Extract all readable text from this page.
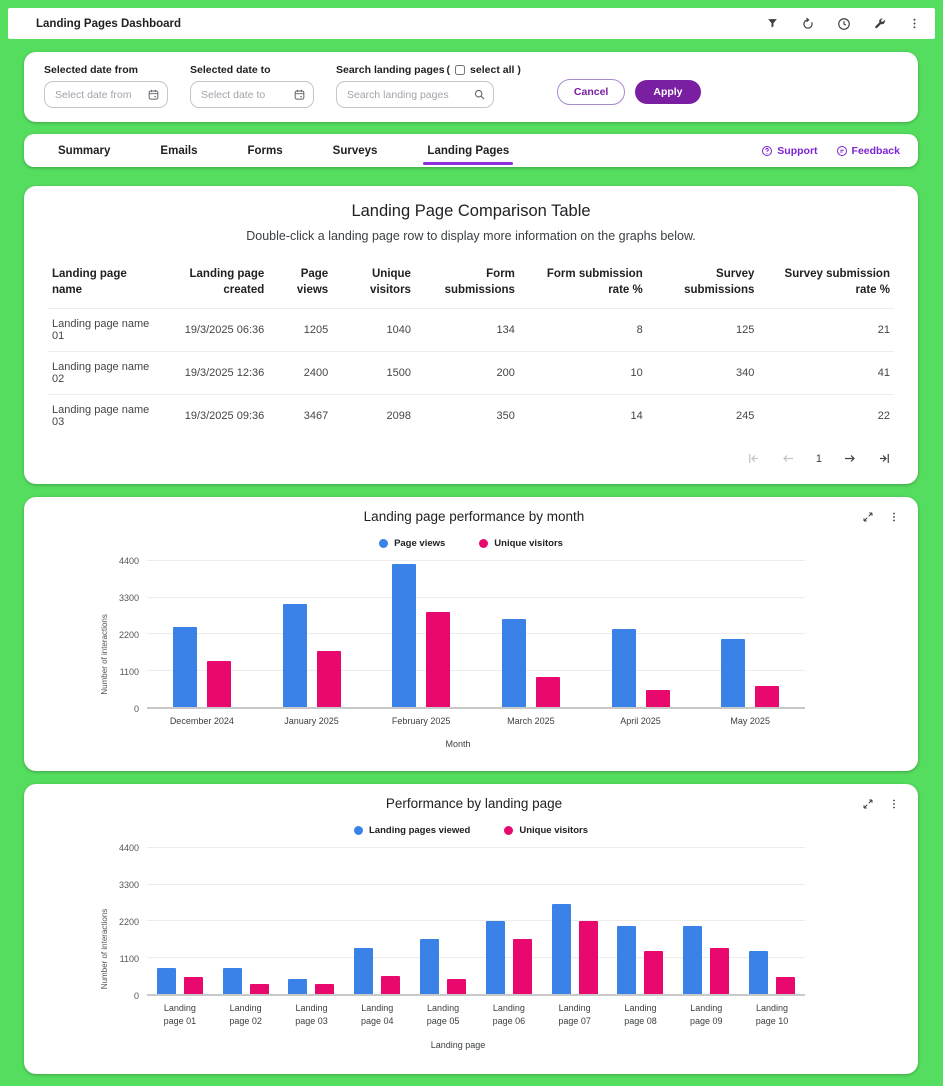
Landing Pages Dashboard
Selected date from
Select date from	Selected date to
Select date to	Search landing pages ( select all )
Search landing pages
Cancel	Apply
Summary	Emails	Forms	Surveys	Landing Pages	Support	Feedback
Landing Page Comparison Table
Double-click a landing page row to display more information on the graphs below.
Landing page name	Landing page created	Page views	Unique visitors	Form submissions	Form submission rate %	Survey submissions	Survey submission rate %
Landing page name 01	19/3/2025 06:36	1205	1040	134	8	125	21
Landing page name 02	19/3/2025 12:36	2400	1500	200	10	340	41
Landing page name 03	19/3/2025 09:36	3467	2098	350	14	245	22
1
Landing page performance by month
Page views	Unique visitors
Number of interactions
0
1100
2200
3300
4400
December 2024	January 2025	February 2025	March 2025	April 2025	May 2025
Month
Performance by landing page
Landing pages viewed	Unique visitors
Number of interactions
0
1100
2200
3300
4400
Landing page 01
Landing page 02
Landing page 03
Landing page 04
Landing page 05
Landing page 06
Landing page 07
Landing page 08
Landing page 09
Landing page 10
Landing page
